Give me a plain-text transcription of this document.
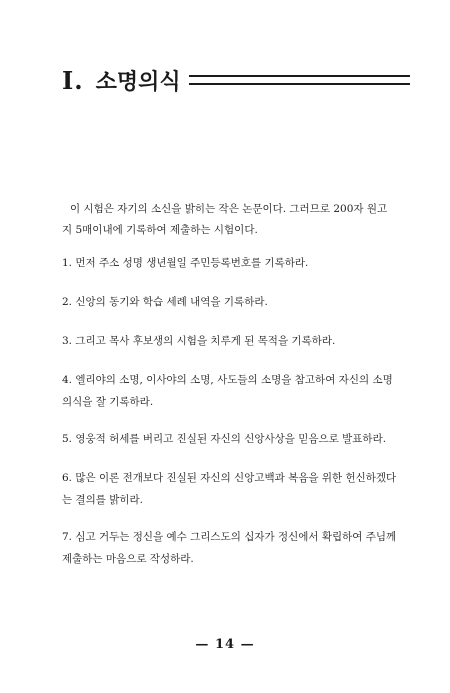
I. 소명의식

이 시험은 자기의 소신을 밝히는 작은 논문이다. 그러므로 200자 원고지 5매이내에 기록하여 제출하는 시험이다.

1. 먼저 주소 성명 생년월일 주민등록번호를 기록하라.
2. 신앙의 동기와 학습 세례 내역을 기록하라.
3. 그리고 목사 후보생의 시험을 치루게 된 목적을 기록하라.
4. 엘리야의 소명, 이사야의 소명, 사도들의 소명을 참고하여 자신의 소명의식을 잘 기록하라.
5. 영웅적 허세를 버리고 진실된 자신의 신앙사상을 믿음으로 발표하라.
6. 많은 이론 전개보다 진실된 자신의 신앙고백과 복음을 위한 헌신하겠다는 결의를 밝히라.
7. 심고 거두는 정신을 예수 그리스도의 십자가 정신에서 확립하여 주님께 제출하는 마음으로 작성하라.
— 14 —
